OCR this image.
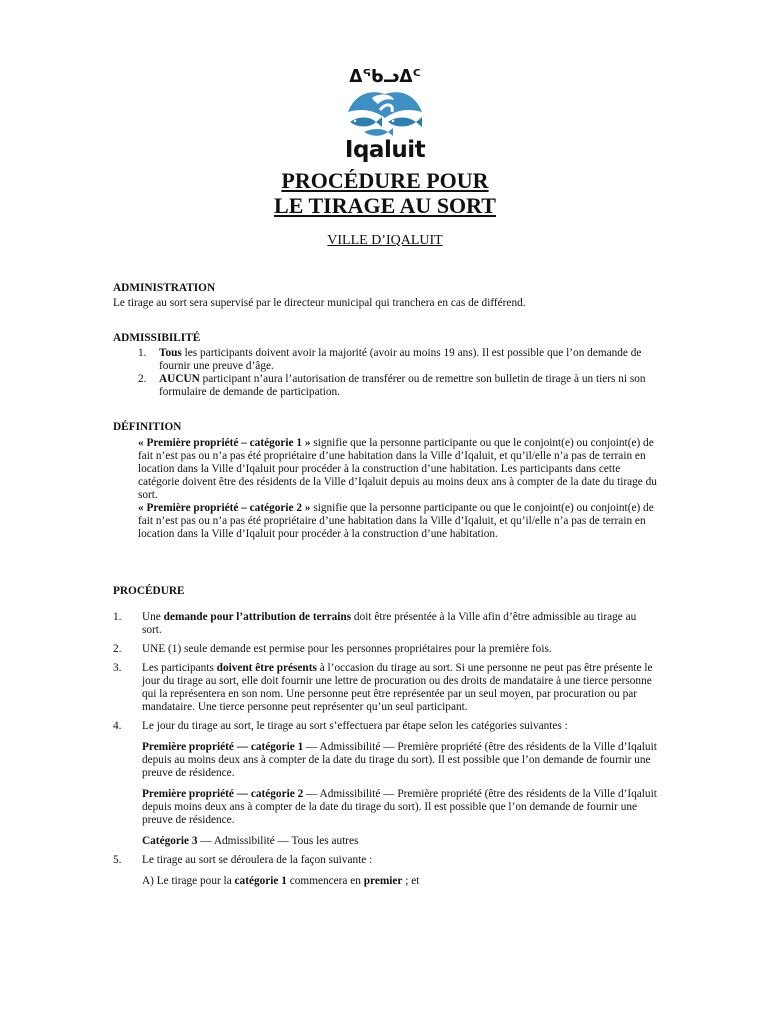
ᐃᖃᓗᐃᑦ
Iqaluit
PROCÉDURE POUR
LE TIRAGE AU SORT
VILLE D’IQALUIT
ADMINISTRATION
Le tirage au sort sera supervisé par le directeur municipal qui tranchera en cas de différend.
ADMISSIBILITÉ
1. Tous les participants doivent avoir la majorité (avoir au moins 19 ans). Il est possible que l’on demande de fournir une preuve d’âge.
2. AUCUN participant n’aura l’autorisation de transférer ou de remettre son bulletin de tirage à un tiers ni son formulaire de demande de participation.
DÉFINITION
« Première propriété – catégorie 1 » signifie que la personne participante ou que le conjoint(e) ou conjoint(e) de fait n’est pas ou n’a pas été propriétaire d’une habitation dans la Ville d’Iqaluit, et qu’il/elle n’a pas de terrain en location dans la Ville d’Iqaluit pour procéder à la construction d’une habitation. Les participants dans cette catégorie doivent être des résidents de la Ville d’Iqaluit depuis au moins deux ans à compter de la date du tirage du sort.
« Première propriété – catégorie 2 » signifie que la personne participante ou que le conjoint(e) ou conjoint(e) de fait n’est pas ou n’a pas été propriétaire d’une habitation dans la Ville d’Iqaluit, et qu’il/elle n’a pas de terrain en location dans la Ville d’Iqaluit pour procéder à la construction d’une habitation.
PROCÉDURE
1. Une demande pour l’attribution de terrains doit être présentée à la Ville afin d’être admissible au tirage au sort.
2. UNE (1) seule demande est permise pour les personnes propriétaires pour la première fois.
3. Les participants doivent être présents à l’occasion du tirage au sort. Si une personne ne peut pas être présente le jour du tirage au sort, elle doit fournir une lettre de procuration ou des droits de mandataire à une tierce personne qui la représentera en son nom. Une personne peut être représentée par un seul moyen, par procuration ou par mandataire. Une tierce personne peut représenter qu’un seul participant.
4. Le jour du tirage au sort, le tirage au sort s’effectuera par étape selon les catégories suivantes :
Première propriété — catégorie 1 — Admissibilité — Première propriété (être des résidents de la Ville d’Iqaluit depuis au moins deux ans à compter de la date du tirage du sort). Il est possible que l’on demande de fournir une preuve de résidence.
Première propriété — catégorie 2 — Admissibilité — Première propriété (être des résidents de la Ville d’Iqaluit depuis moins deux ans à compter de la date du tirage du sort). Il est possible que l’on demande de fournir une preuve de résidence.
Catégorie 3 — Admissibilité — Tous les autres
5. Le tirage au sort se déroulera de la façon suivante :
A) Le tirage pour la catégorie 1 commencera en premier ; et
